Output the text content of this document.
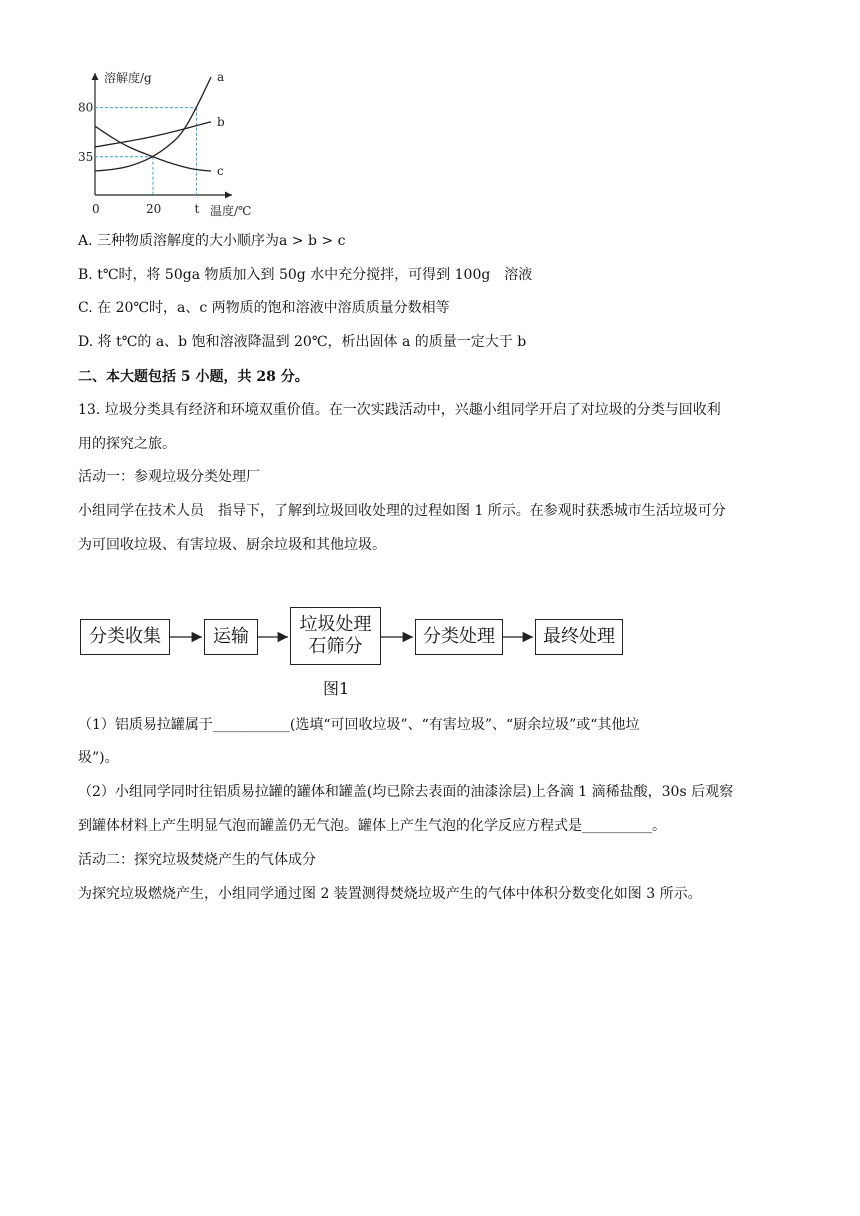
溶解度/g
温度/℃
0	20	t
35
80
a
b
c
A. 三种物质溶解度的大小顺序为a > b > c
B. t℃时，将 50ga 物质加入到 50g 水中充分搅拌，可得到 100g　溶液
C. 在 20℃时，a、c 两物质的饱和溶液中溶质质量分数相等
D. 将 t℃的 a、b 饱和溶液降温到 20℃，析出固体 a 的质量一定大于 b
二、本大题包括 5 小题，共 28 分。
13. 垃圾分类具有经济和环境双重价值。在一次实践活动中，兴趣小组同学开启了对垃圾的分类与回收利
用的探究之旅。
活动一：参观垃圾分类处理厂
小组同学在技术人员　指导下，了解到垃圾回收处理的过程如图 1 所示。在参观时获悉城市生活垃圾可分
为可回收垃圾、有害垃圾、厨余垃圾和其他垃圾。
分类收集	运输
垃圾处理
石筛分	分类处理	最终处理
图1
（1）铝质易拉罐属于___________(选填“可回收垃圾”、“有害垃圾”、“厨余垃圾”或“其他垃
圾”)。
（2）小组同学同时往铝质易拉罐的罐体和罐盖(均已除去表面的油漆涂层)上各滴 1 滴稀盐酸，30s 后观察
到罐体材料上产生明显气泡而罐盖仍无气泡。罐体上产生气泡的化学反应方程式是__________。
活动二：探究垃圾焚烧产生的气体成分
为探究垃圾燃烧产生，小组同学通过图 2 装置测得焚烧垃圾产生的气体中体积分数变化如图 3 所示。
